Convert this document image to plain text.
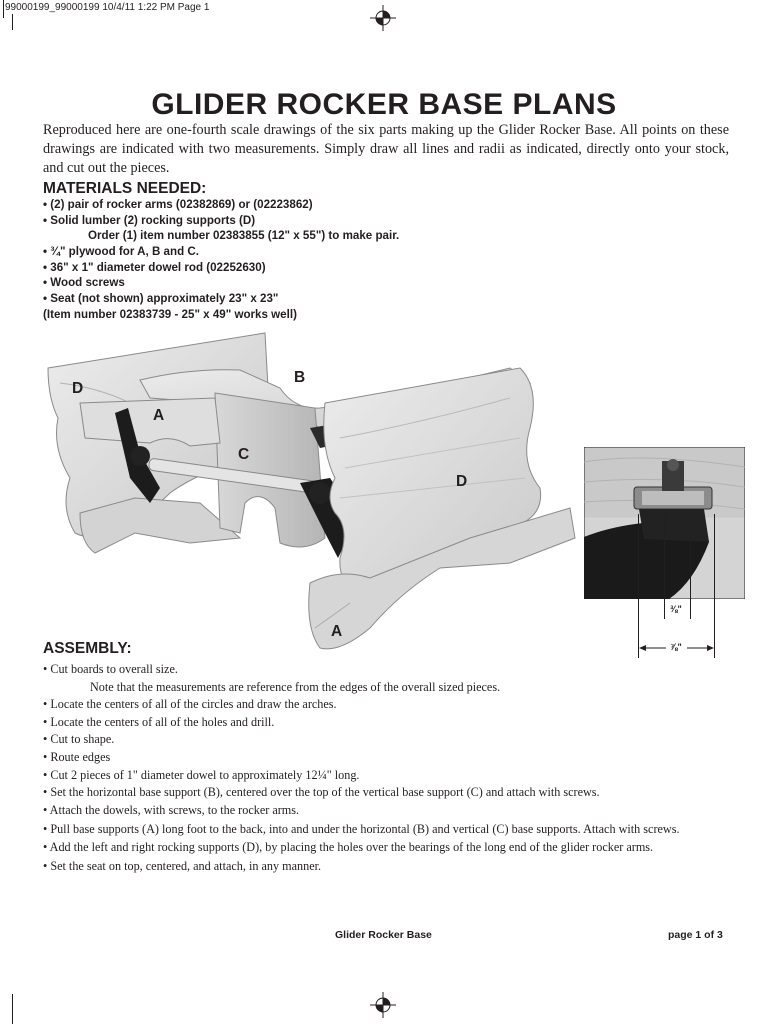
99000199_99000199 10/4/11 1:22 PM Page 1
GLIDER ROCKER BASE PLANS
Reproduced here are one-fourth scale drawings of the six parts making up the Glider Rocker Base. All points on these drawings are indicated with two measurements. Simply draw all lines and radii as indicated, directly onto your stock, and cut out the pieces.
MATERIALS NEEDED:
• (2) pair of rocker arms (02382869) or (02223862)
• Solid lumber (2) rocking supports (D)
Order (1) item number 02383855 (12" x 55") to make pair.
• ¾" plywood for A, B and C.
• 36" x 1" diameter dowel rod (02252630)
• Wood screws
• Seat (not shown) approximately 23" x 23"
(Item number 02383739 - 25" x 49" works well)
D
B
A
C
D
A
⅜"
⅞"
ASSEMBLY:
• Cut boards to overall size.
Note that the measurements are reference from the edges of the overall sized pieces.
• Locate the centers of all of the circles and draw the arches.
• Locate the centers of all of the holes and drill.
• Cut to shape.
• Route edges
• Cut 2 pieces of 1" diameter dowel to approximately 12¼" long.
• Set the horizontal base support (B), centered over the top of the vertical base support (C) and attach with screws.
• Attach the dowels, with screws, to the rocker arms.
• Pull base supports (A) long foot to the back, into and under the horizontal (B) and vertical (C) base supports. Attach with screws.
• Add the left and right rocking supports (D), by placing the holes over the bearings of the long end of the glider rocker arms.
• Set the seat on top, centered, and attach, in any manner.
Glider Rocker Base	page 1 of 3
